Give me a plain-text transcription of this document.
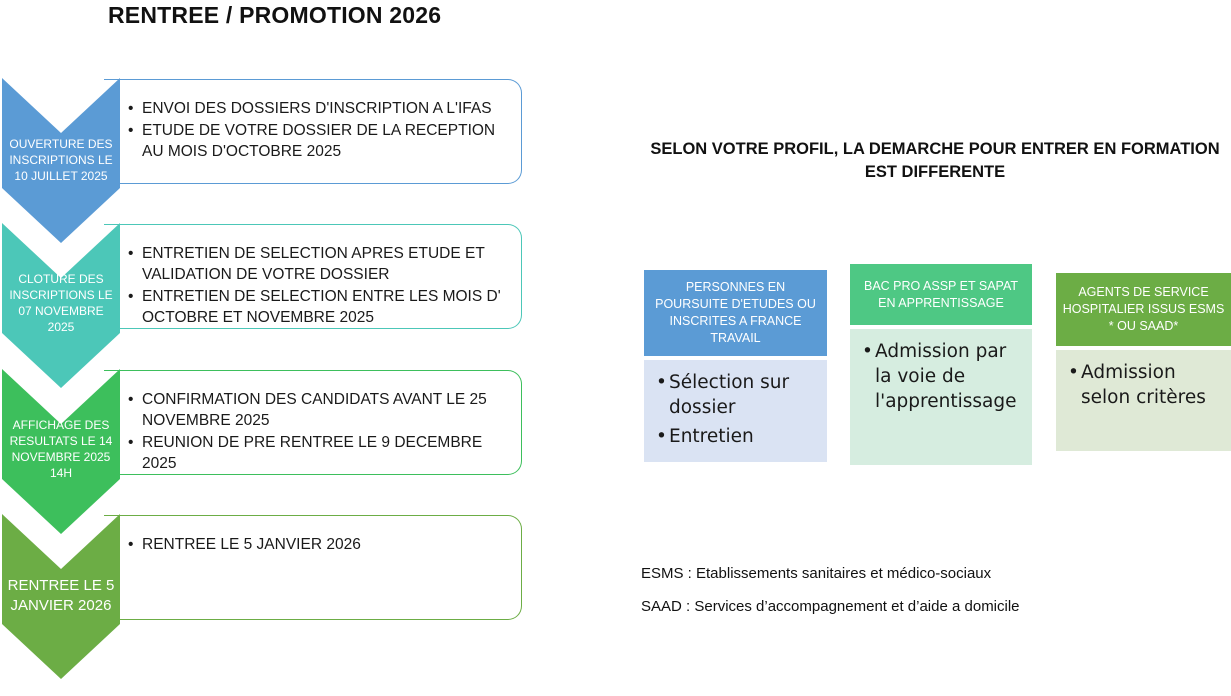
RENTREE / PROMOTION 2026
• ENVOI DES DOSSIERS D'INSCRIPTION A L'IFAS
• ETUDE DE VOTRE DOSSIER DE LA RECEPTION AU MOIS D'OCTOBRE 2025
OUVERTURE DES
INSCRIPTIONS LE
10 JUILLET 2025
• ENTRETIEN DE SELECTION APRES ETUDE ET VALIDATION DE VOTRE DOSSIER
• ENTRETIEN DE SELECTION ENTRE LES MOIS D' OCTOBRE ET NOVEMBRE 2025
CLOTURE DES
INSCRIPTIONS LE
07 NOVEMBRE
2025
• CONFIRMATION DES CANDIDATS AVANT LE 25 NOVEMBRE 2025
• REUNION DE PRE RENTREE LE 9 DECEMBRE 2025
AFFICHAGE DES
RESULTATS LE 14
NOVEMBRE 2025
14H
• RENTREE LE 5 JANVIER 2026
RENTREE LE 5
JANVIER 2026
SELON VOTRE PROFIL, LA DEMARCHE POUR ENTRER EN FORMATION EST DIFFERENTE
PERSONNES EN POURSUITE D'ETUDES OU INSCRITES A FRANCE TRAVAIL
• Sélection sur dossier
• Entretien
BAC PRO ASSP ET SAPAT EN APPRENTISSAGE
• Admission par la voie de l'apprentissage
AGENTS DE SERVICE HOSPITALIER ISSUS ESMS * OU SAAD*
• Admission selon critères
ESMS : Etablissements sanitaires et médico-sociaux
SAAD : Services d’accompagnement et d’aide a domicile
